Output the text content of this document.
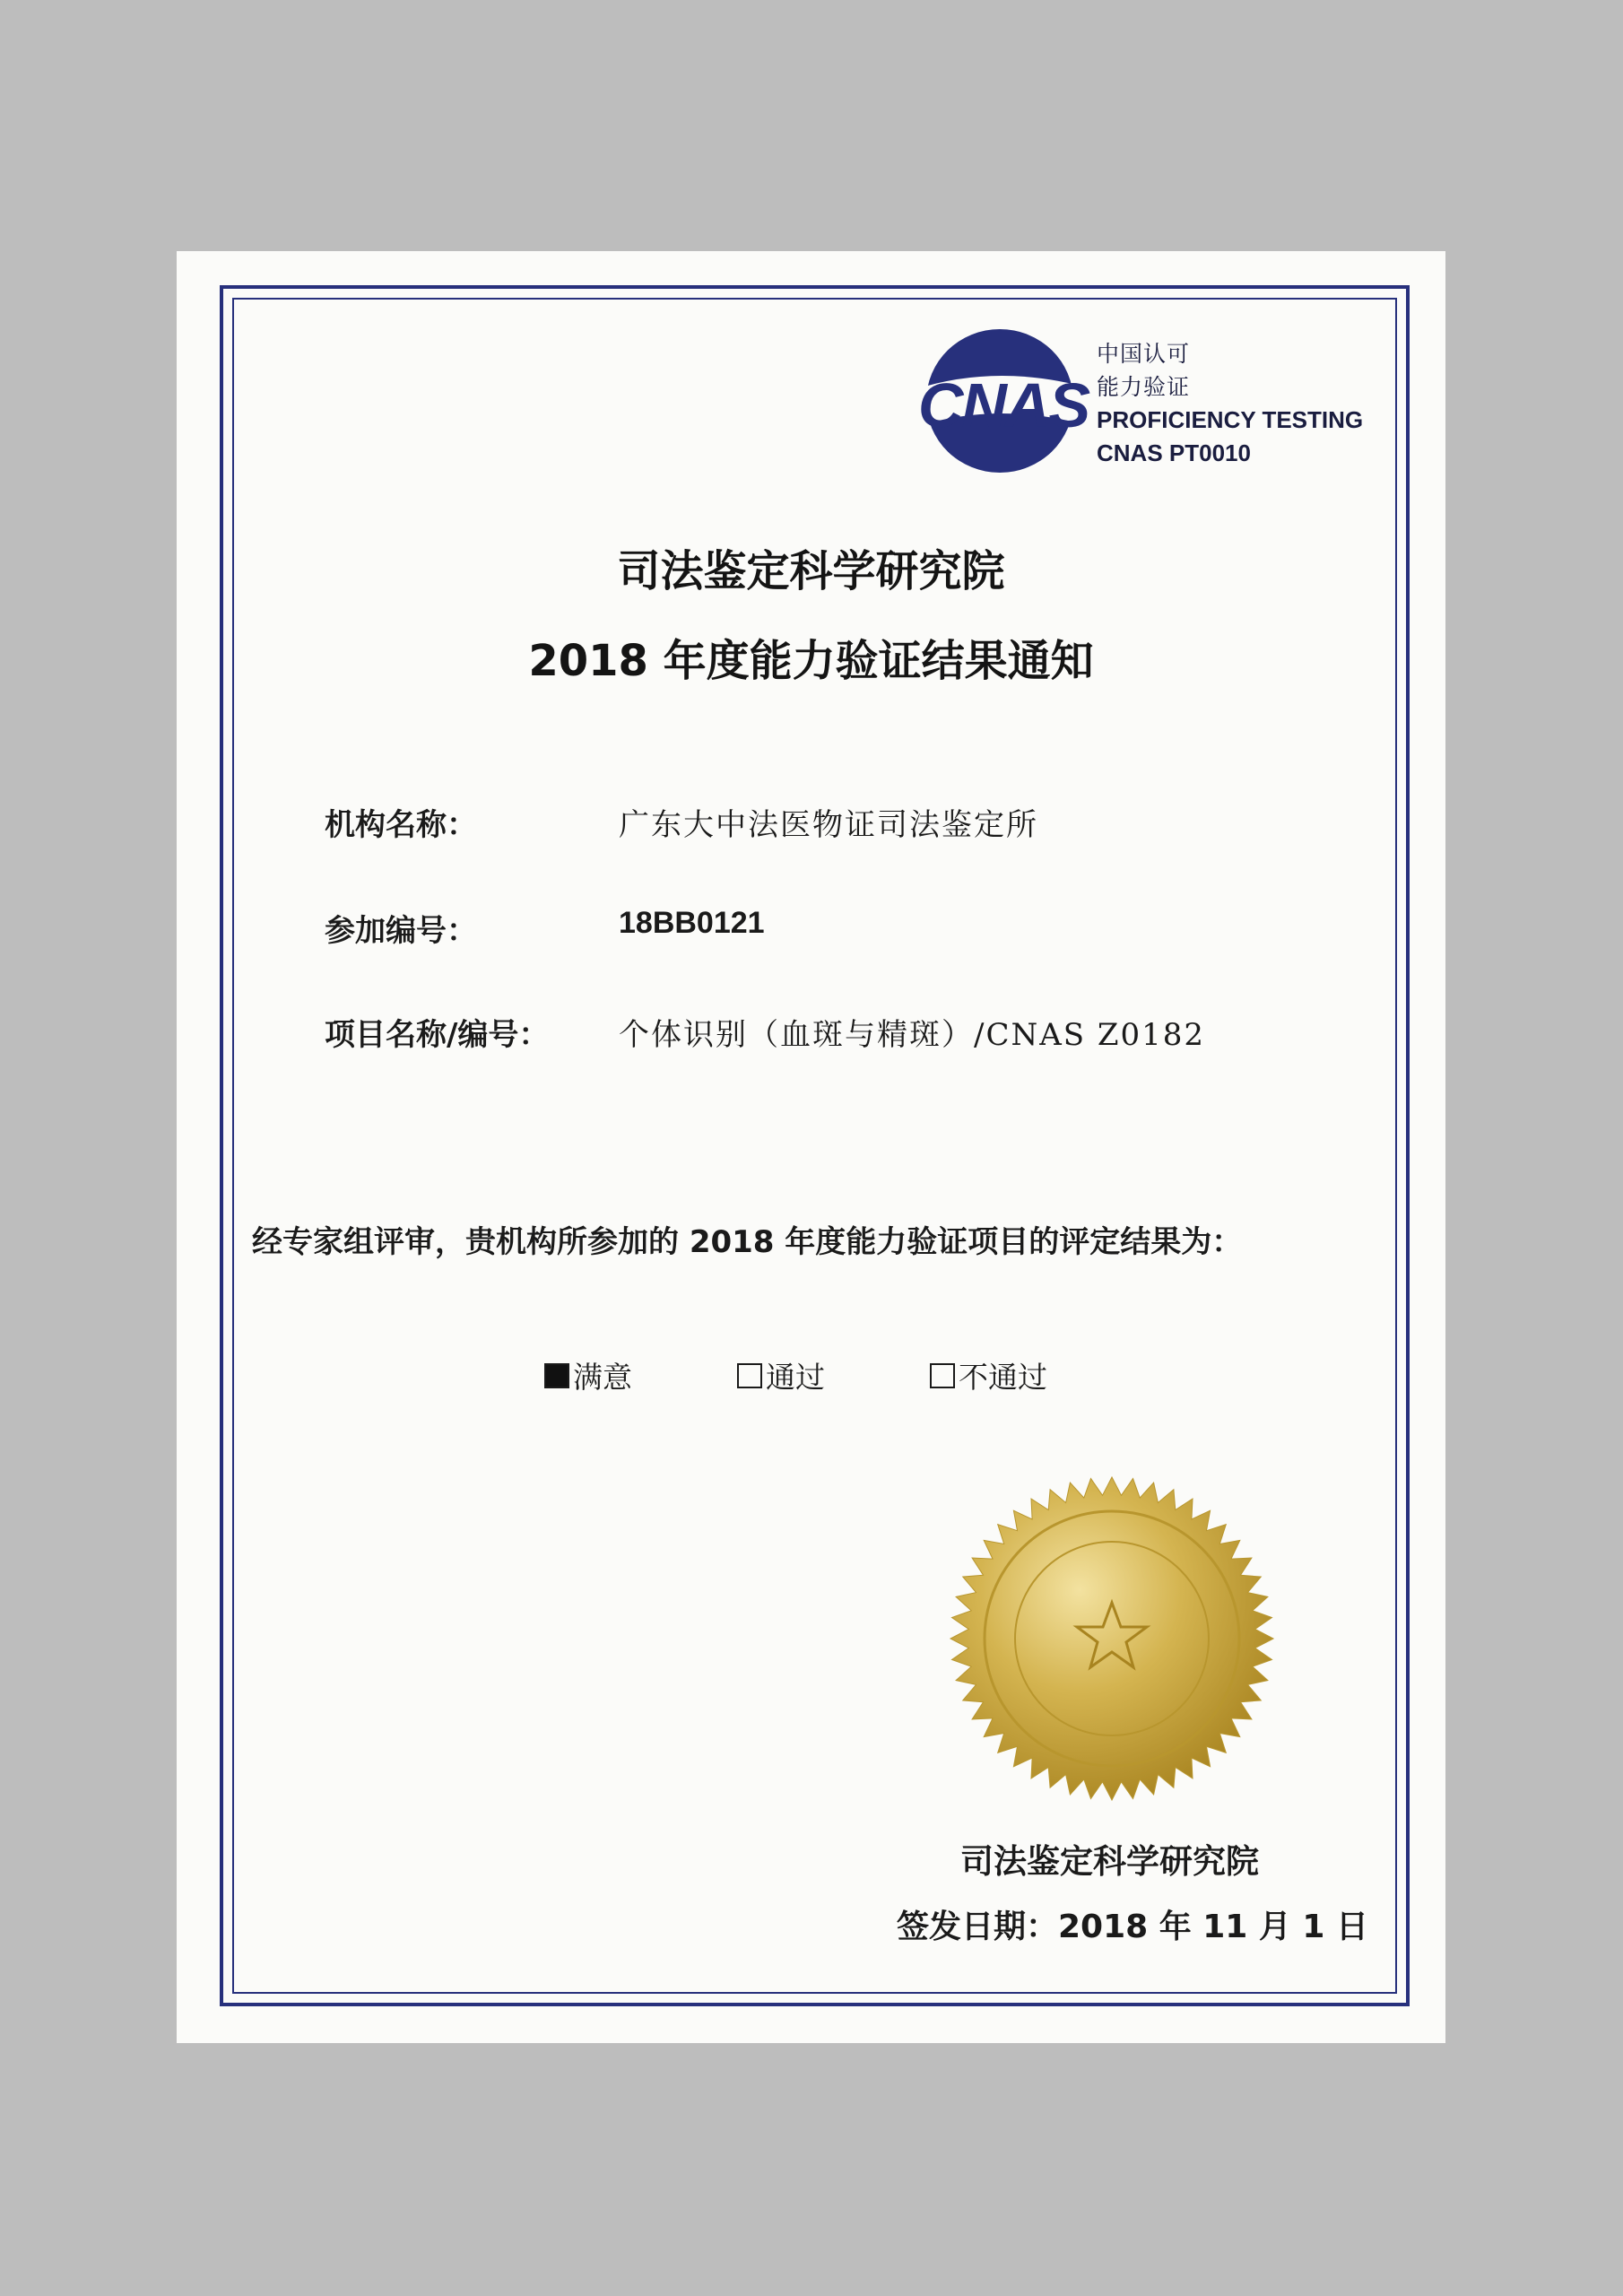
CNAS
中国认可
能力验证
PROFICIENCY TESTING
CNAS PT0010
司法鉴定科学研究院
2018 年度能力验证结果通知
机构名称：	广东大中法医物证司法鉴定所
参加编号：	18BB0121
项目名称/编号： 个体识别（血斑与精斑）/CNAS Z0182
经专家组评审，贵机构所参加的 2018 年度能力验证项目的评定结果为：
满意	通过	不通过
司法鉴定科学研究院
签发日期：2018 年 11 月 1 日
